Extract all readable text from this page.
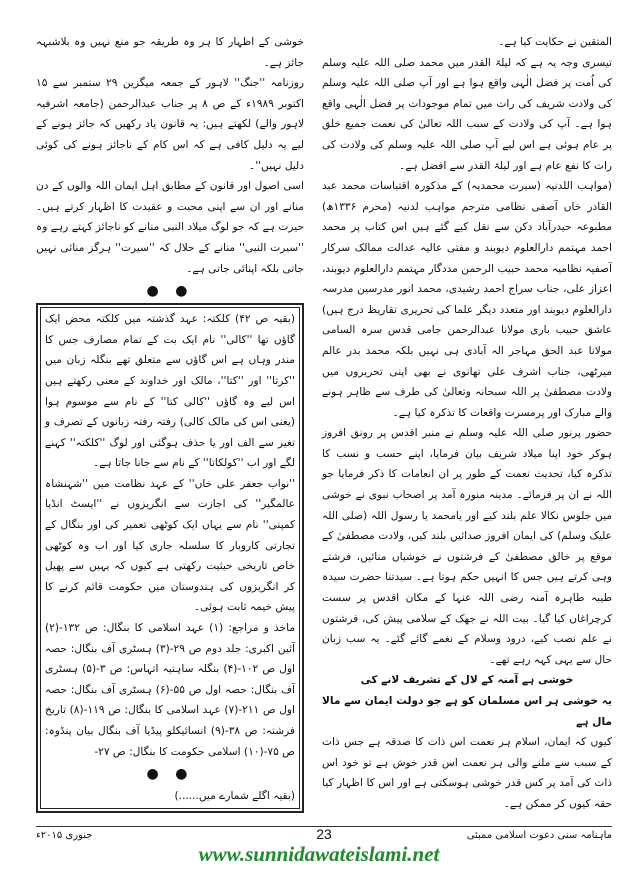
المتقین نے حکایت کیا ہے۔

تیسری وجہ یہ ہے کہ لیلۃ القدر میں محمد صلی اللہ علیہ وسلم کی اُمت پر فضل الٰہی واقع ہوا ہے اور آپ صلی اللہ علیہ وسلم کی ولادت شریف کی رات میں تمام موجودات پر فضل الٰہی واقع ہوا ہے۔ آپ کی ولادت کے سبب اللہ تعالیٰ کی نعمت جمیع خلق پر عام ہوئی ہے اس لیے آپ صلی اللہ علیہ وسلم کی ولادت کی رات کا نفع عام ہے اور لیلۃ القدر سے افضل ہے۔

(مواہب اللدنیہ (سیرت محمدیہ) کے مذکورہ اقتباسات محمد عبد القادر خاں آصفی نظامی مترجم مواہب لدنیہ (محرم ۱۳۳۶ھ) مطبوعہ حیدرآباد دکن سے نقل کیے گئے ہیں اس کتاب پر محمد احمد مہتمم دارالعلوم دیوبند و مفتی عالیہ عدالت ممالک سرکار آصفیہ نظامیہ محمد حبیب الرحمن مددگار مہتمم دارالعلوم دیوبند، اعزاز علی، جناب سراج احمد رشیدی، محمد انور مدرسین مدرسہ دارالعلوم دیوبند اور متعدد دیگر علما کی تحریری تقاریظ درج ہیں) عاشق حبیب باری مولانا عبدالرحمن جامی قدس سرہ السامی مولانا عبد الحق مہاجر الہ آبادی ہی نہیں بلکہ محمد بدر عالم میرٹھی، جناب اشرف علی تھانوی نے بھی اپنی تحریروں میں ولادت مصطفیٰ پر اللہ سبحانہ وتعالیٰ کی طرف سے ظاہر ہونے والے مبارک اور پرمسرت واقعات کا تذکرہ کیا ہے۔

حضور پرنور صلی اللہ علیہ وسلم نے منبر اقدس پر رونق افروز ہوکر خود اپنا میلاد شریف بیان فرمایا، اپنے حسب و نسب کا تذکرہ کیا، تحدیث نعمت کے طور پر ان انعامات کا ذکر فرمایا جو اللہ نے ان پر فرمائے۔ مدینہ منورہ آمد پر اصحاب نبوی نے خوشی میں جلوس نکالا علم بلند کیے اور یامحمد یا رسول اللہ (صلی اللہ علیک وسلم) کی ایمان افروز صدائیں بلند کیں، ولادت مصطفیٰ کے موقع پر خالق مصطفیٰ کے فرشتوں نے خوشیاں منائیں، فرشتے وہی کرتے ہیں جس کا انہیں حکم ہوتا ہے۔ سیدتنا حضرت سیدہ طیبہ طاہرہ آمنہ رضی اللہ عنہا کے مکان اقدس پر سست کرچراغاں کیا گیا۔ بیت اللہ نے جھک کے سلامی پیش کی، فرشتوں نے علم نصب کیے، درود وسلام کے نغمے گائے گئے۔ یہ سب زبان حال سے یہی کہہ رہے تھے۔

خوشی ہے آمنہ کے لال کے تشریف لانے کی

یہ خوشی ہر اس مسلمان کو ہے جو دولت ایمان سے مالا مال ہے

کیوں کہ ایمان، اسلام ہر نعمت اس ذات کا صدقہ ہے جس ذات کے سبب سے ملنے والی ہر نعمت اس قدر خوش ہے تو خود اس ذات کی آمد پر کس قدر خوشی ہوسکتی ہے اور اس کا اظہار کیا حقہ کیوں کر ممکن ہے۔

خوشی کے اظہار کا ہر وہ طریقہ جو منع نہیں وہ بلاشبہہ جائز ہے۔

روزنامہ ''جنگ'' لاہور کے جمعہ میگزین ۲۹ ستمبر سے ۱۵ اکتوبر ۱۹۸۹ء کے ص ۸ پر جناب عبدالرحمن (جامعہ اشرفیہ لاہور والے) لکھتے ہیں: یہ قانون یاد رکھیں کہ جائز ہونے کے لیے یہ دلیل کافی ہے کہ اس کام کے ناجائز ہونے کی کوئی دلیل نہیں''۔

اسی اصول اور قانون کے مطابق اہل ایمان اللہ والوں کے دن منانے اور ان سے اپنی محبت و عقیدت کا اظہار کرتے ہیں۔ حیرت ہے کہ جو لوگ میلاد النبی منانے کو ناجائز کہتے رہے وہ ''سیرت النبی'' منانے کے حلال کہ ''سیرت'' ہرگز منائی نہیں جاتی بلکہ اپنائی جاتی ہے۔

● ●

(بقیہ ص ۴۲) کلکتہ: عہد گذشتہ میں کلکتہ محض ایک گاؤں تھا ''کالی'' نام ایک بت کے تمام مصارف جس کا مندر وہاں ہے اس گاؤں سے متعلق تھے بنگلہ زبان میں ''کرتا'' اور ''کتا''، مالک اور خداوند کے معنی رکھتے ہیں اس لیے وہ گاؤں ''کالی کتا'' کے نام سے موسوم ہوا (یعنی اس کی مالک کالی) رفتہ رفتہ زبانوں کے تصرف و تغیر سے الف اور یا حذف ہوگئی اور لوگ ''کلکتہ'' کہنے لگے اور اب ''کولکاتا'' کے نام سے جانا جاتا ہے۔

''نواب جعفر علی خاں'' کے عہد نظامت میں ''شہنشاہ عالمگیر'' کی اجازت سے انگریزوں نے ''ایسٹ انڈیا کمپنی'' نام سے یہاں ایک کوٹھی تعمیر کی اور بنگال کے تجارتی کاروبار کا سلسلہ جاری کیا اور اب وہ کوٹھی خاص تاریخی حیثیت رکھتی ہے کیوں کہ یہیں سے پھیل کر انگریزوں کی ہندوستان میں حکومت قائم کرنے کا پیش خیمہ ثابت ہوئی۔

ماخذ و مراجع: (۱) عہد اسلامی کا بنگال: ص ۱۳۲-(۲) آئین اکبری: جلد دوم ص ۲۹-(۳) ہسٹری آف بنگال: حصہ اول ص ۱۰۲-(۴) بنگلہ ساہتیہ اتہاس: ص ۳-(۵) ہسٹری آف بنگال: حصہ اول ص ۵۵-(۶) ہسٹری آف بنگال: حصہ اول ص ۲۱۱-(۷) عہد اسلامی کا بنگال: ص ۱۱۹-(۸) تاریخ فرشتہ: ص ۳۸-(۹) انسائیکلو پیڈیا آف بنگال بیان پنڈوہ: ص ۷۵-(۱۰) اسلامی حکومت کا بنگال: ص ۲۷-

● ●

(بقیہ اگلے شمارے میں......)

ماہنامہ سنی دعوت اسلامی ممبئی
23
جنوری ۲۰۱۵ء
www.sunnidawateislami.net
